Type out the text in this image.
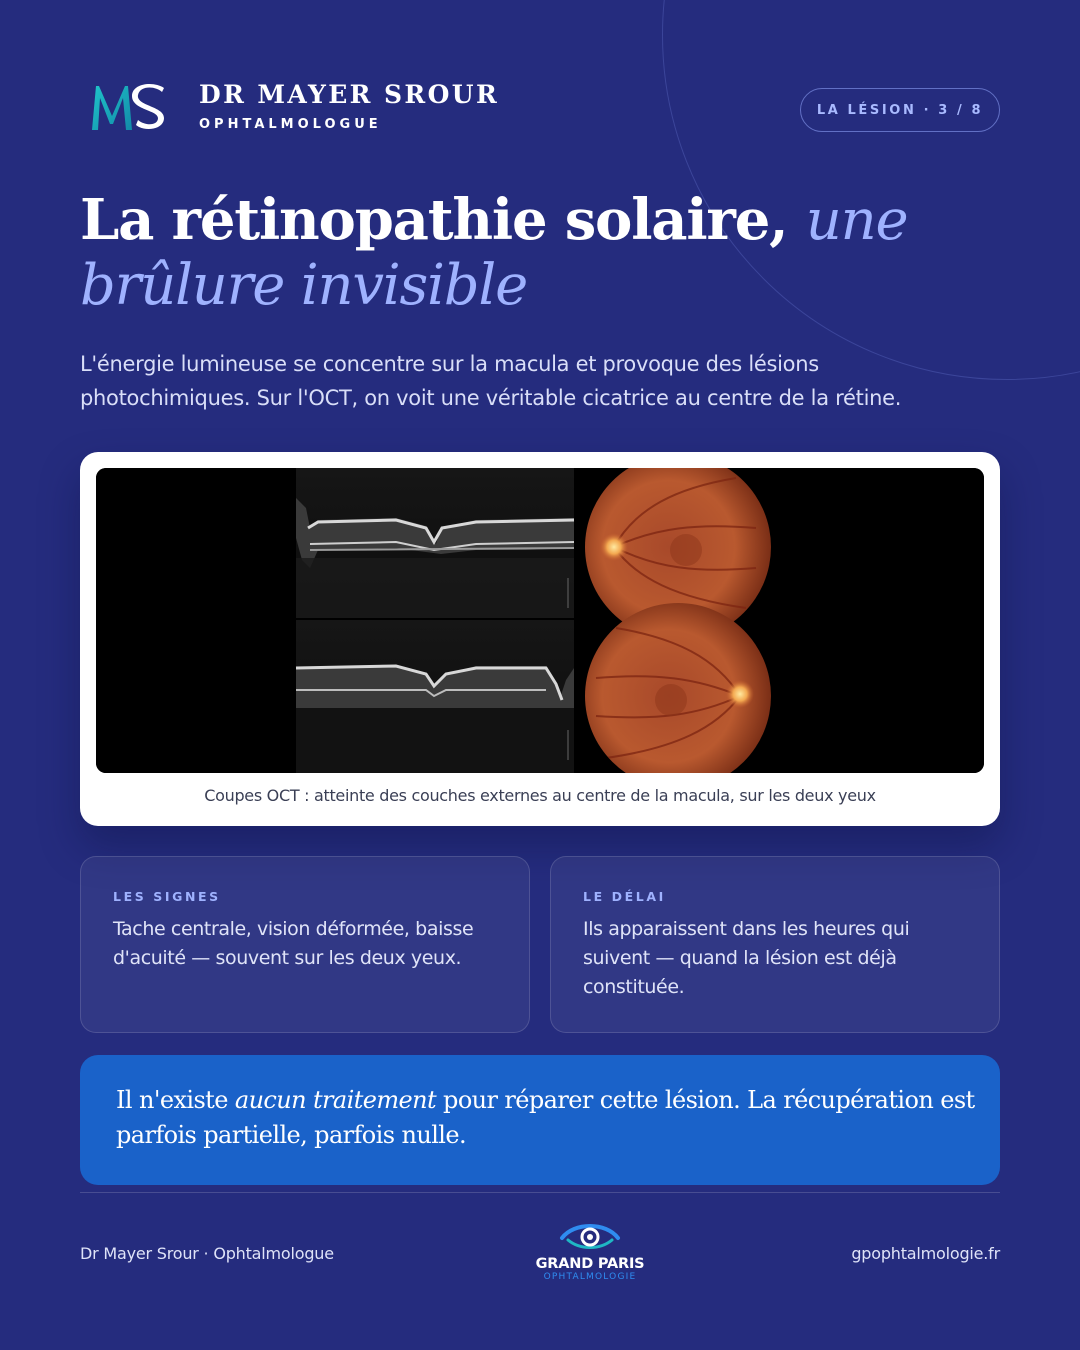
DR MAYER SROUR
OPHTALMOLOGUE
LA LÉSION · 3 / 8
La rétinopathie solaire, une
brûlure invisible

L'énergie lumineuse se concentre sur la macula et provoque des lésions photochimiques. Sur l'OCT, on voit une véritable cicatrice au centre de la rétine.

Coupes OCT : atteinte des couches externes au centre de la macula, sur les deux yeux
LES SIGNES
Tache centrale, vision déformée, baisse d'acuité — souvent sur les deux yeux.
LE DÉLAI
Ils apparaissent dans les heures qui suivent — quand la lésion est déjà constituée.

Il n'existe aucun traitement pour réparer cette lésion. La récupération est parfois partielle, parfois nulle.

Dr Mayer Srour · Ophtalmologue
GRAND PARIS
OPHTALMOLOGIE
gpophtalmologie.fr
